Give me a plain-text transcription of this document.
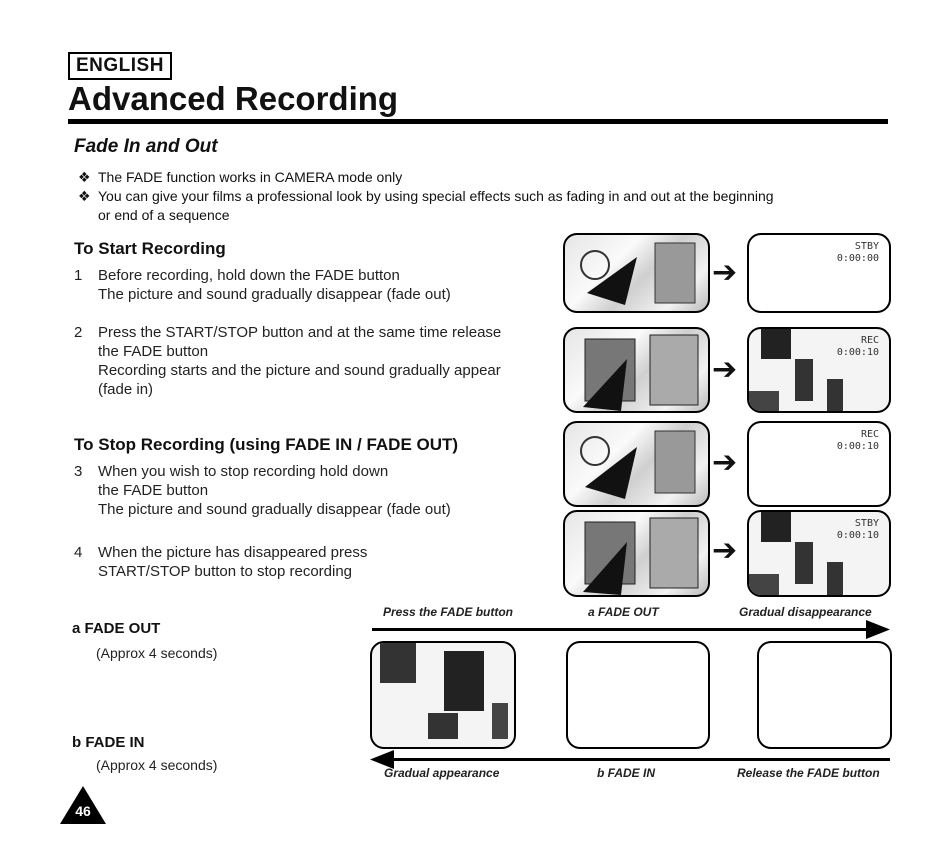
ENGLISH
Advanced Recording
Fade In and Out
❖ The FADE function works in CAMERA mode only
❖ You can give your films a professional look by using special effects such as fading in and out at the beginning
or end of a sequence
To Start Recording
1 Before recording, hold down the FADE button
The picture and sound gradually disappear (fade out)
2 Press the START/STOP button and at the same time release
the FADE button
Recording starts and the picture and sound gradually appear
(fade in)
To Stop Recording (using FADE IN / FADE OUT)
3 When you wish to stop recording hold down
the FADE button
The picture and sound gradually disappear (fade out)
4 When the picture has disappeared press
START/STOP button to stop recording
➔
STBY
0:00:00
➔
REC
0:00:10
➔
REC
0:00:10
➔
STBY
0:00:10
Press the FADE button	a FADE OUT	Gradual disappearance
a FADE OUT
(Approx 4 seconds)
b FADE IN
(Approx 4 seconds)	Gradual appearance	b FADE IN	Release the FADE button
46
